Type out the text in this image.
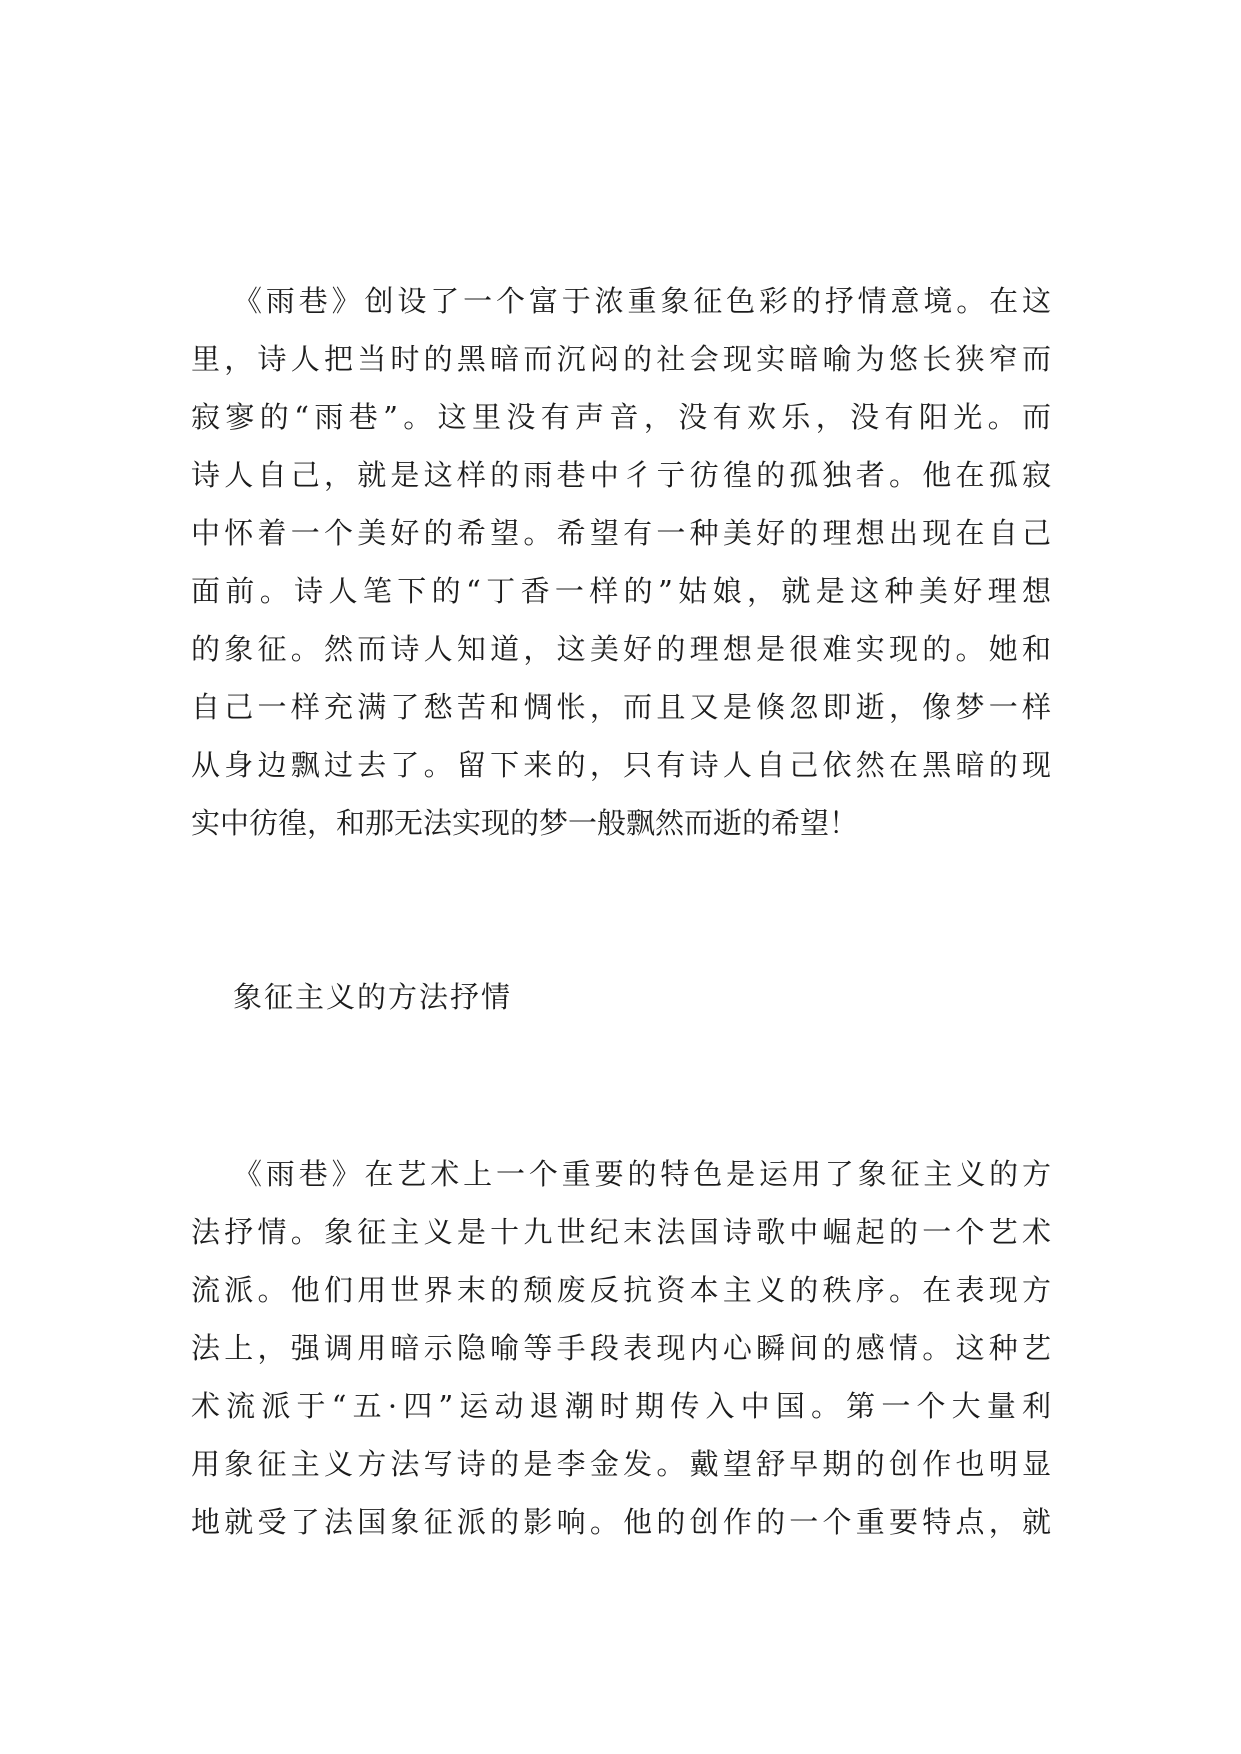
《雨巷》创设了一个富于浓重象征色彩的抒情意境。在这
里，诗人把当时的黑暗而沉闷的社会现实暗喻为悠长狭窄而
寂寥的“雨巷”。这里没有声音，没有欢乐，没有阳光。而
诗人自己，就是这样的雨巷中彳亍彷徨的孤独者。他在孤寂
中怀着一个美好的希望。希望有一种美好的理想出现在自己
面前。诗人笔下的“丁香一样的”姑娘，就是这种美好理想
的象征。然而诗人知道，这美好的理想是很难实现的。她和
自己一样充满了愁苦和惆怅，而且又是倏忽即逝，像梦一样
从身边飘过去了。留下来的，只有诗人自己依然在黑暗的现
实中彷徨，和那无法实现的梦一般飘然而逝的希望！
象征主义的方法抒情
《雨巷》在艺术上一个重要的特色是运用了象征主义的方
法抒情。象征主义是十九世纪末法国诗歌中崛起的一个艺术
流派。他们用世界末的颓废反抗资本主义的秩序。在表现方
法上，强调用暗示隐喻等手段表现内心瞬间的感情。这种艺
术流派于“五·四”运动退潮时期传入中国。第一个大量利
用象征主义方法写诗的是李金发。戴望舒早期的创作也明显
地就受了法国象征派的影响。他的创作的一个重要特点，就
